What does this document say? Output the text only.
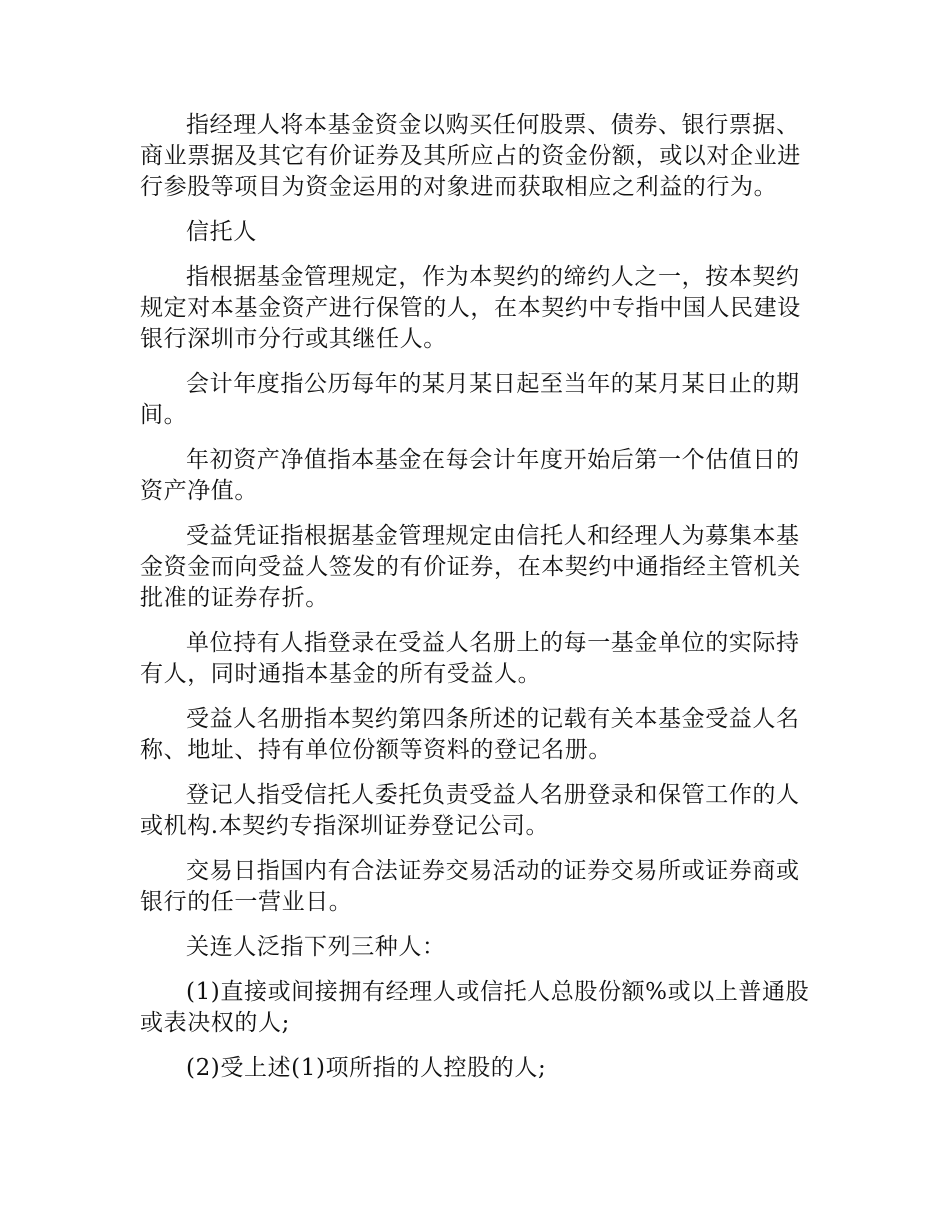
指经理人将本基金资金以购买任何股票、债券、银行票据、商业票据及其它有价证券及其所应占的资金份额，或以对企业进行参股等项目为资金运用的对象进而获取相应之利益的行为。

信托人

指根据基金管理规定，作为本契约的缔约人之一，按本契约规定对本基金资产进行保管的人，在本契约中专指中国人民建设银行深圳市分行或其继任人。

会计年度指公历每年的某月某日起至当年的某月某日止的期间。

年初资产净值指本基金在每会计年度开始后第一个估值日的资产净值。

受益凭证指根据基金管理规定由信托人和经理人为募集本基金资金而向受益人签发的有价证券，在本契约中通指经主管机关批准的证券存折。

单位持有人指登录在受益人名册上的每一基金单位的实际持有人，同时通指本基金的所有受益人。

受益人名册指本契约第四条所述的记载有关本基金受益人名称、地址、持有单位份额等资料的登记名册。

登记人指受信托人委托负责受益人名册登录和保管工作的人或机构.本契约专指深圳证券登记公司。

交易日指国内有合法证券交易活动的证券交易所或证券商或银行的任一营业日。

关连人泛指下列三种人：

(1)直接或间接拥有经理人或信托人总股份额%或以上普通股或表决权的人;

(2)受上述(1)项所指的人控股的人;
